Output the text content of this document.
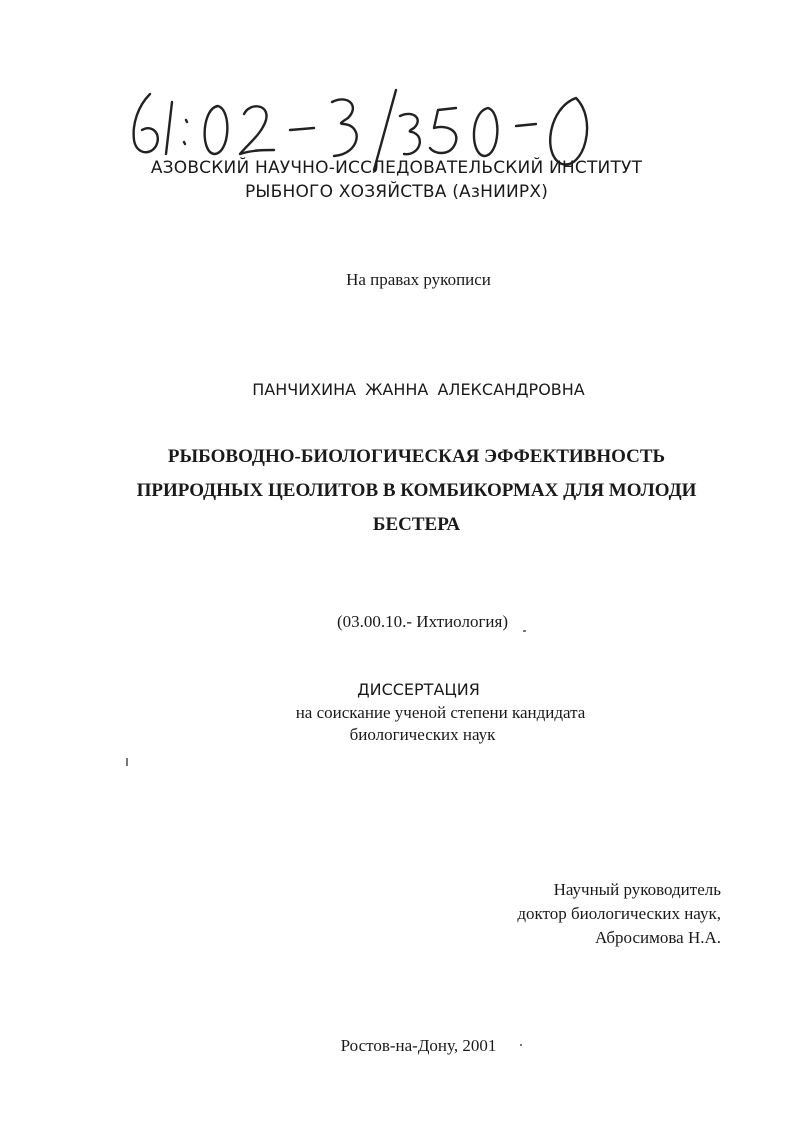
АЗОВСКИЙ НАУЧНО-ИССЛЕДОВАТЕЛЬСКИЙ ИНСТИТУТ
РЫБНОГО ХОЗЯЙСТВА (АзНИИРХ)
На правах рукописи
ПАНЧИХИНА ЖАННА АЛЕКСАНДРОВНА
РЫБОВОДНО-БИОЛОГИЧЕСКАЯ ЭФФЕКТИВНОСТЬ
ПРИРОДНЫХ ЦЕОЛИТОВ В КОМБИКОРМАХ ДЛЯ МОЛОДИ
БЕСТЕРА
(03.00.10.- Ихтиология)
ДИССЕРТАЦИЯ
на соискание ученой степени кандидата
биологических наук
Научный руководитель
доктор биологических наук,
Абросимова Н.А.
Ростов-на-Дону, 2001
